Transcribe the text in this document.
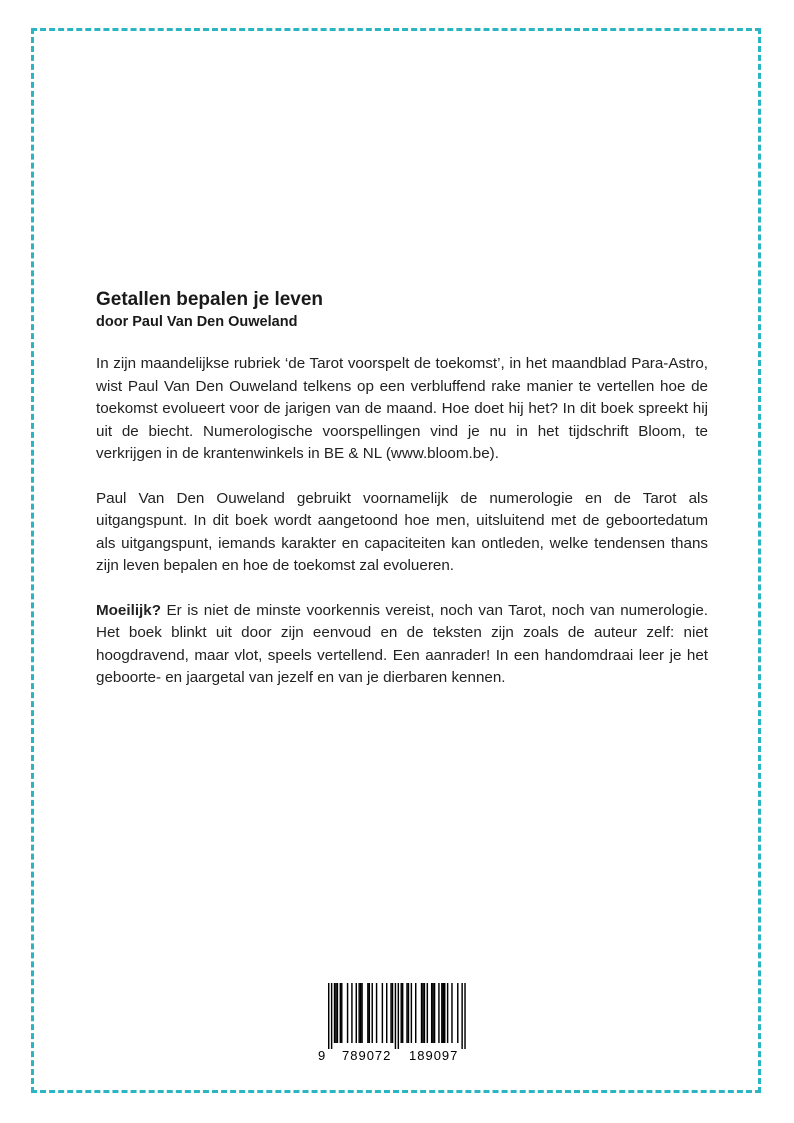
Getallen bepalen je leven
door Paul Van Den Ouweland

In zijn maandelijkse rubriek ‘de Tarot voorspelt de toekomst’, in het maandblad Para-Astro, wist Paul Van Den Ouweland telkens op een verbluffend rake manier te vertellen hoe de toekomst evolueert voor de jarigen van de maand. Hoe doet hij het? In dit boek spreekt hij uit de biecht. Numerologische voorspellingen vind je nu in het tijdschrift Bloom, te verkrijgen in de krantenwinkels in BE & NL (www.bloom.be).

Paul Van Den Ouweland gebruikt voornamelijk de numerologie en de Tarot als uitgangspunt. In dit boek wordt aangetoond hoe men, uitsluitend met de geboortedatum als uitgangspunt, iemands karakter en capaciteiten kan ontleden, welke tendensen thans zijn leven bepalen en hoe de toekomst zal evolueren.

Moeilijk? Er is niet de minste voorkennis vereist, noch van Tarot, noch van numerologie. Het boek blinkt uit door zijn eenvoud en de teksten zijn zoals de auteur zelf: niet hoogdravend, maar vlot, speels vertellend. Een aanrader! In een handomdraai leer je het geboorte- en jaargetal van jezelf en van je dierbaren kennen.

9 789072 189097
